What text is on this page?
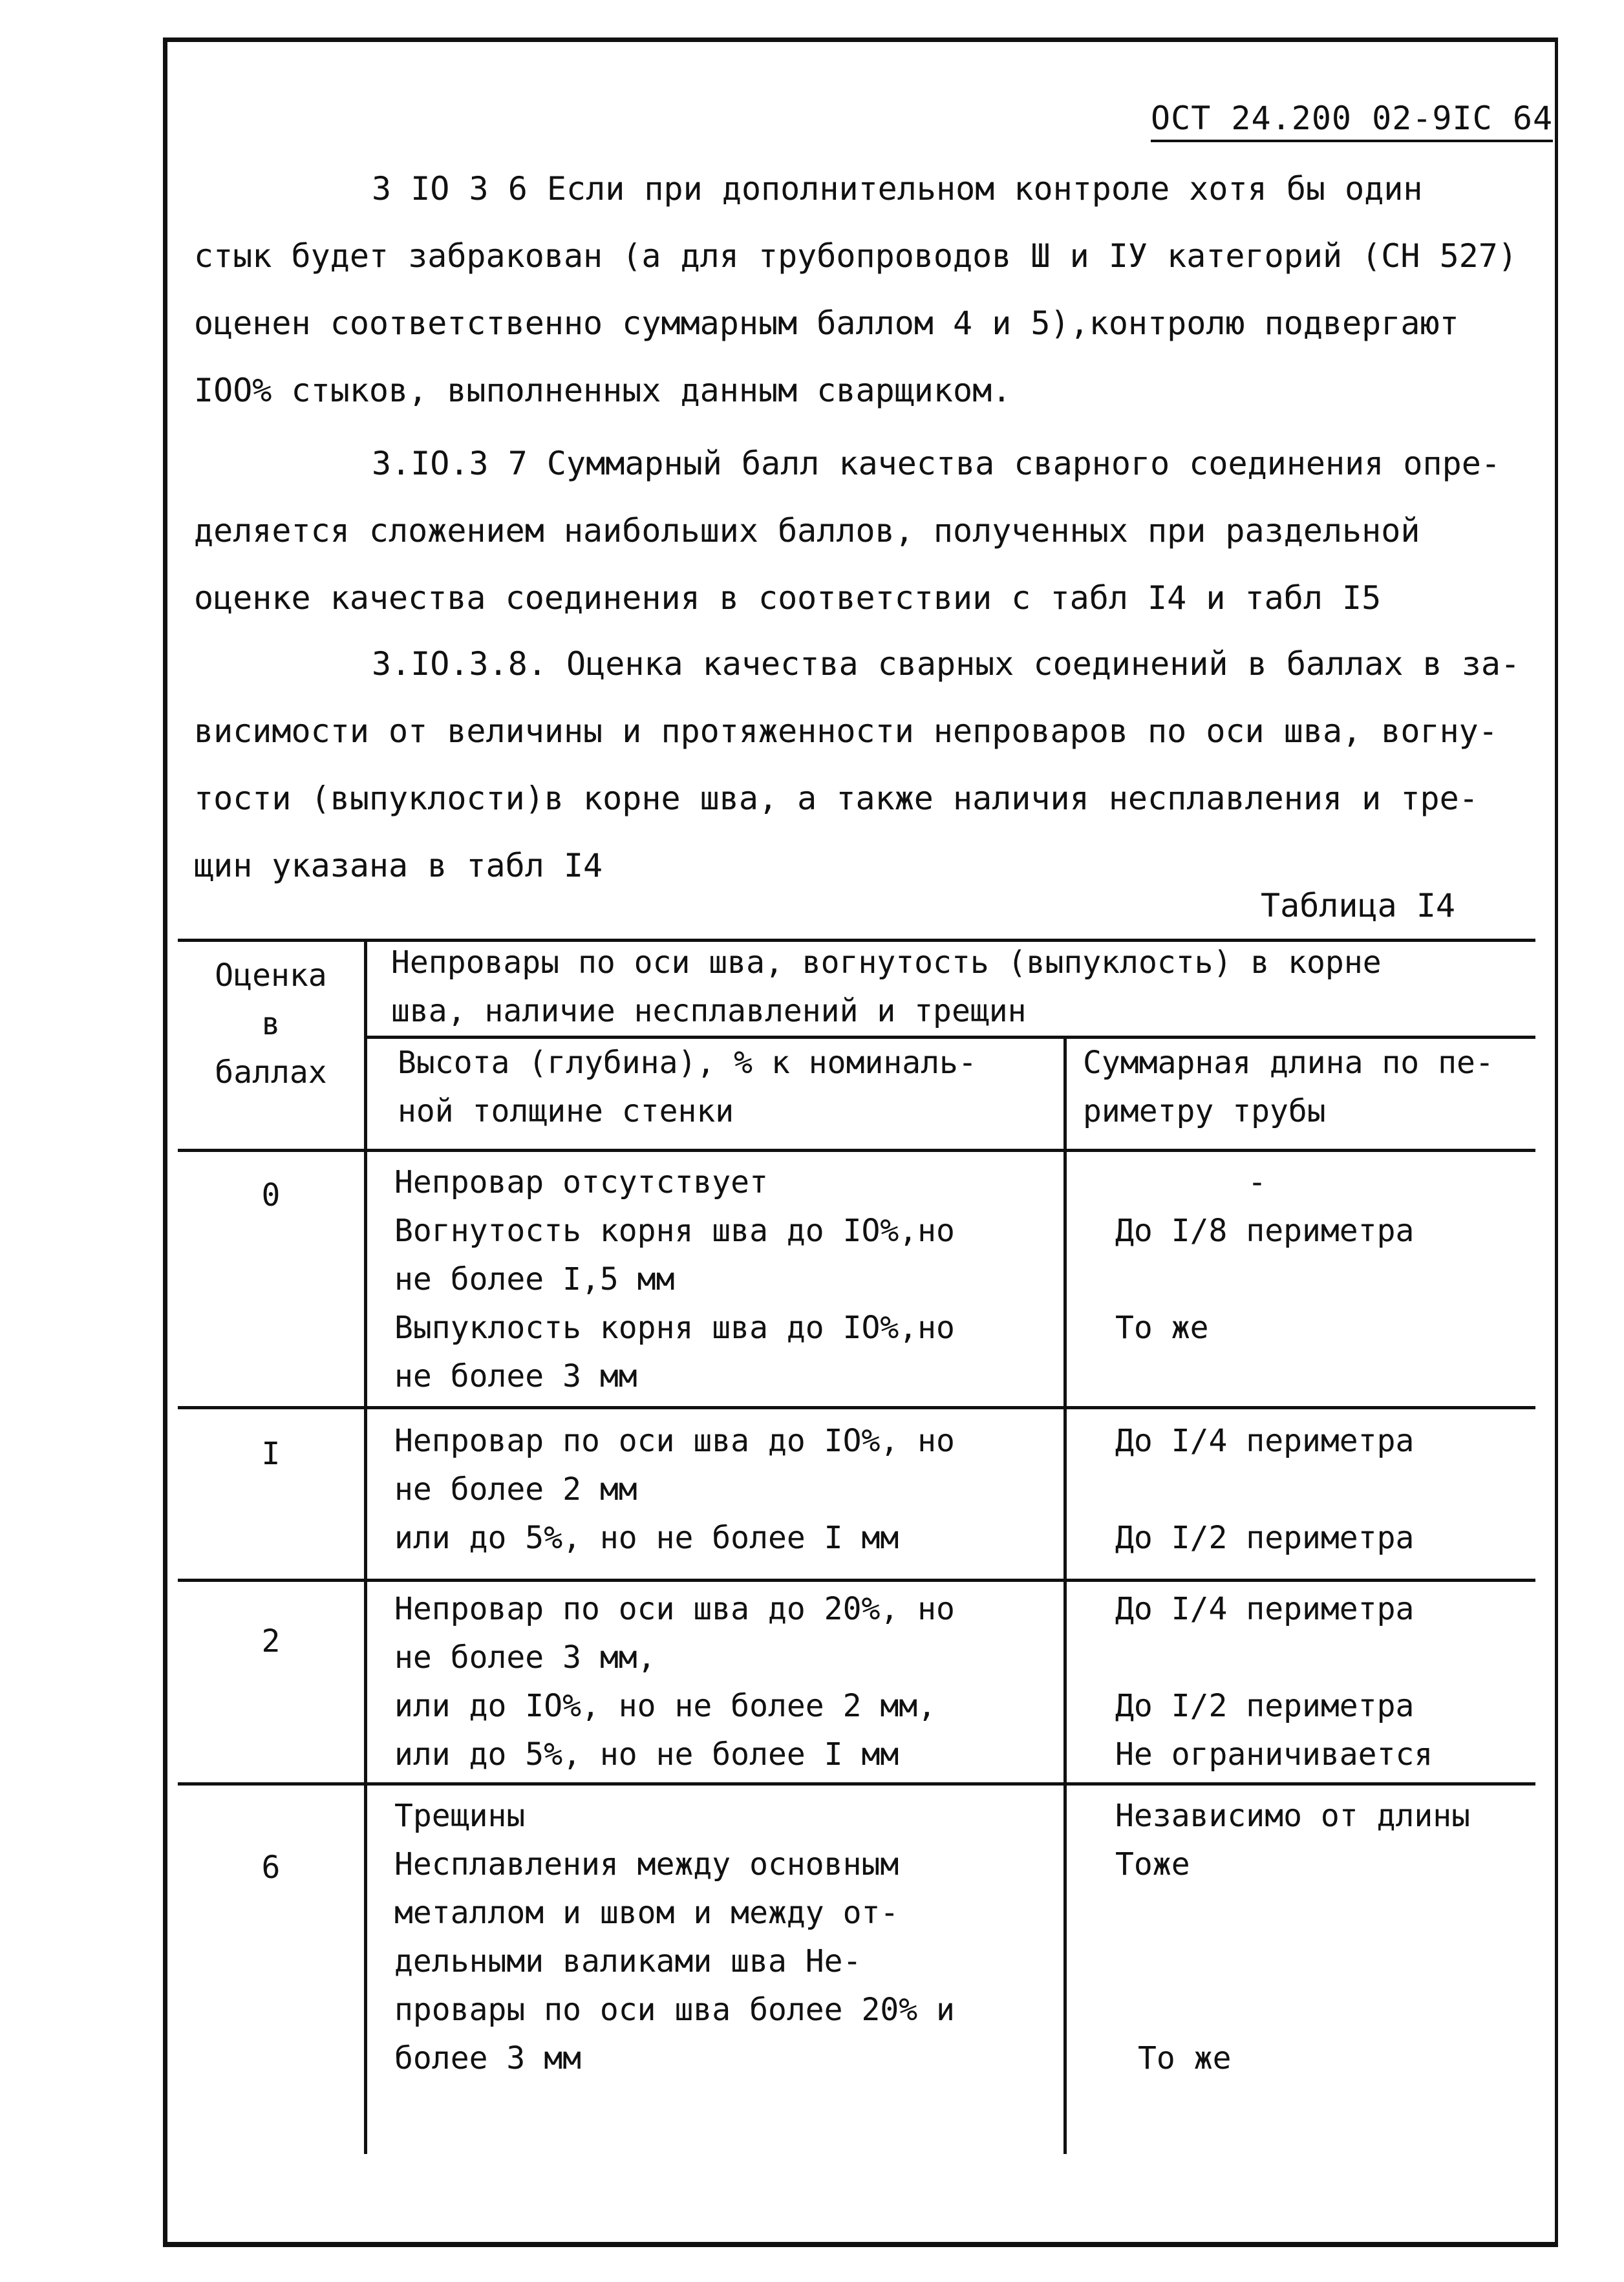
ОСТ 24.200 02-9IC 64

3 IO 3 6 Если при дополнительном контроле хотя бы один
стык будет забракован (а для трубопроводов Ш и IУ категорий (СН 527)
оценен соответственно суммарным баллом 4 и 5),контролю подвергают
IOO% стыков, выполненных данным сварщиком.

3.IO.3 7 Суммарный балл качества сварного соединения опре-
деляется сложением наибольших баллов, полученных при раздельной
оценке качества соединения в соответствии с табл I4 и табл I5

3.IO.3.8. Оценка качества сварных соединений в баллах в за-
висимости от величины и протяженности непроваров по оси шва, вогну-
тости (выпуклости)в корне шва, а также наличия несплавления и тре-
щин указана в табл I4

Таблица I4
Оценка
в
баллах
Непровары по оси шва, вогнутость (выпуклость) в корне
шва, наличие несплавлений и трещин
Высота (глубина), % к номиналь-
ной толщине стенки
Суммарная длина по пе-
риметру трубы
0	Непровар отсутствует
Вогнутость корня шва до IO%,но
не более I,5 мм
Выпуклость корня шва до IO%,но
не более 3 мм
-
До I/8 периметра
То же
I	Непровар по оси шва до IO%, но
не более 2 мм
или до 5%, но не более I мм
До I/4 периметра
До I/2 периметра
2
Непровар по оси шва до 20%, но
не более 3 мм,
или до IO%, но не более 2 мм,
или до 5%, но не более I мм
До I/4 периметра
До I/2 периметра
Не ограничивается
6
Трещины
Несплавления между основным
металлом и швом и между от-
дельными валиками шва Не-
провары по оси шва более 20% и
более 3 мм
Независимо от длины
Тоже
То же
